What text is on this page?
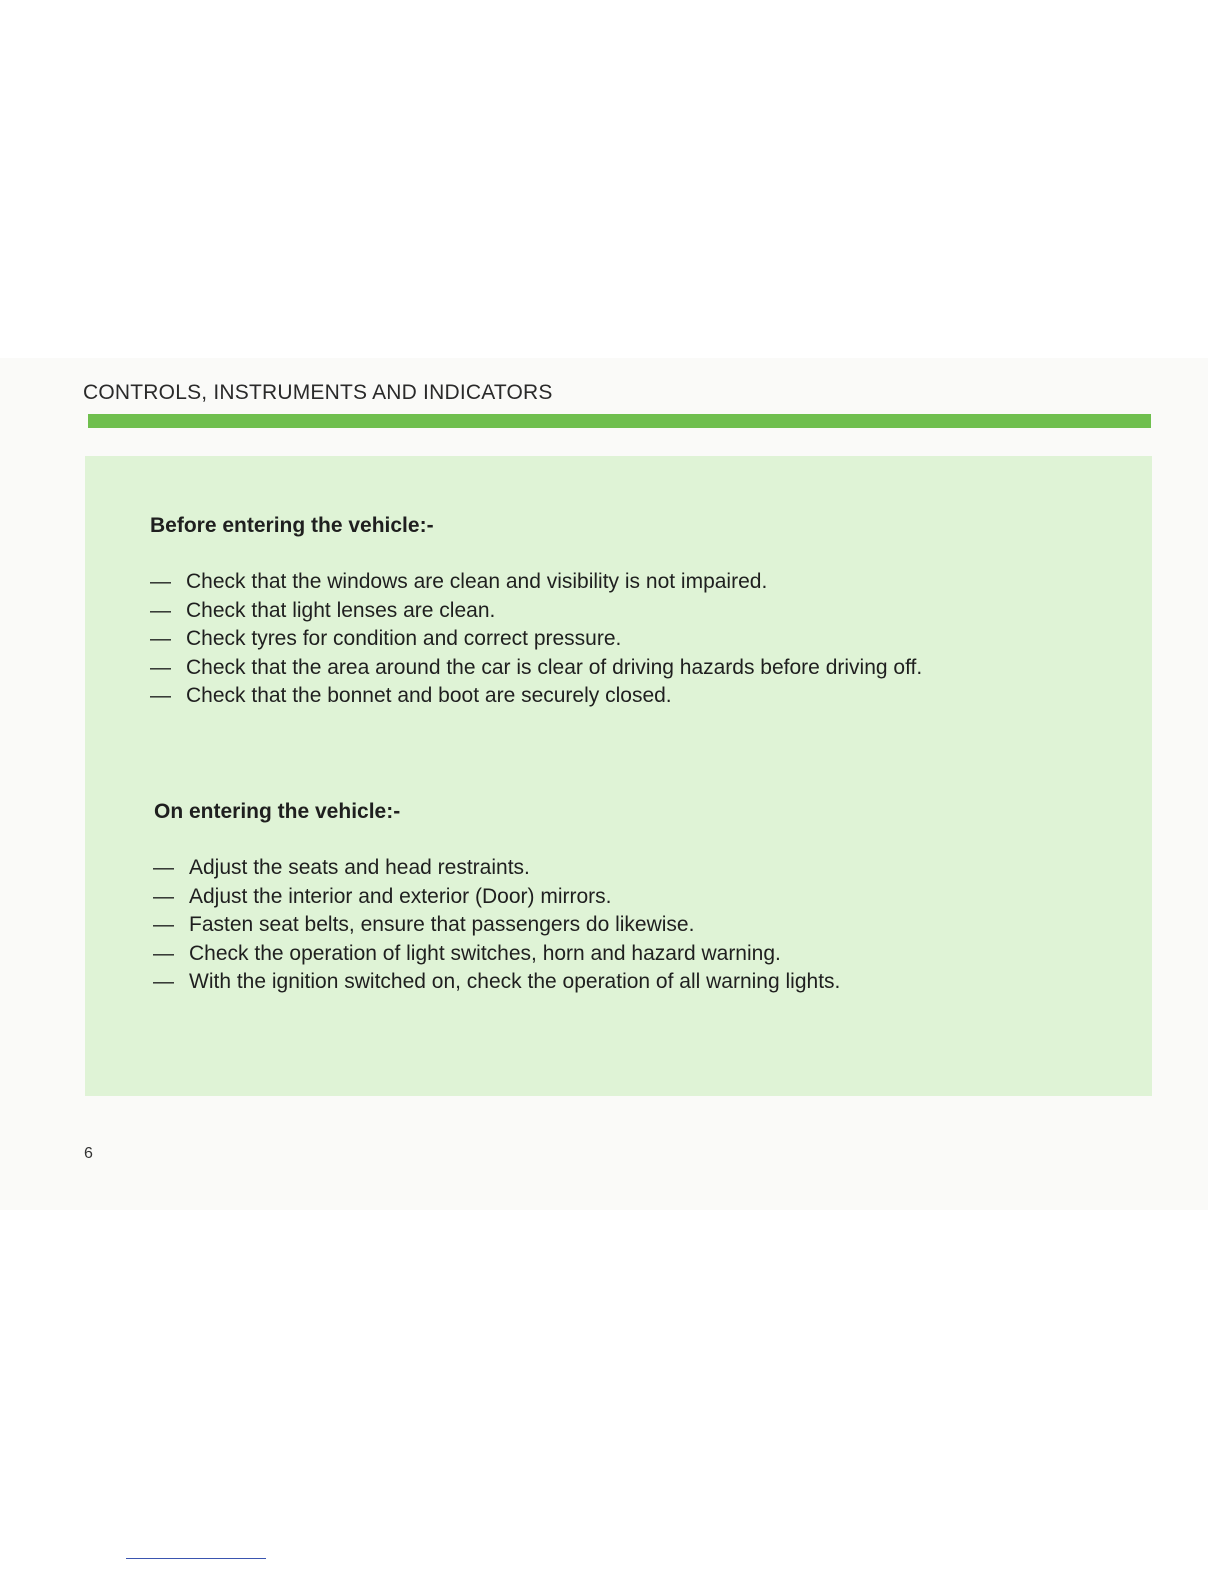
CONTROLS, INSTRUMENTS AND INDICATORS
Before entering the vehicle:-
— Check that the windows are clean and visibility is not impaired.
— Check that light lenses are clean.
— Check tyres for condition and correct pressure.
— Check that the area around the car is clear of driving hazards before driving off.
— Check that the bonnet and boot are securely closed.
On entering the vehicle:-
— Adjust the seats and head restraints.
— Adjust the interior and exterior (Door) mirrors.
— Fasten seat belts, ensure that passengers do likewise.
— Check the operation of light switches, horn and hazard warning.
— With the ignition switched on, check the operation of all warning lights.
6
